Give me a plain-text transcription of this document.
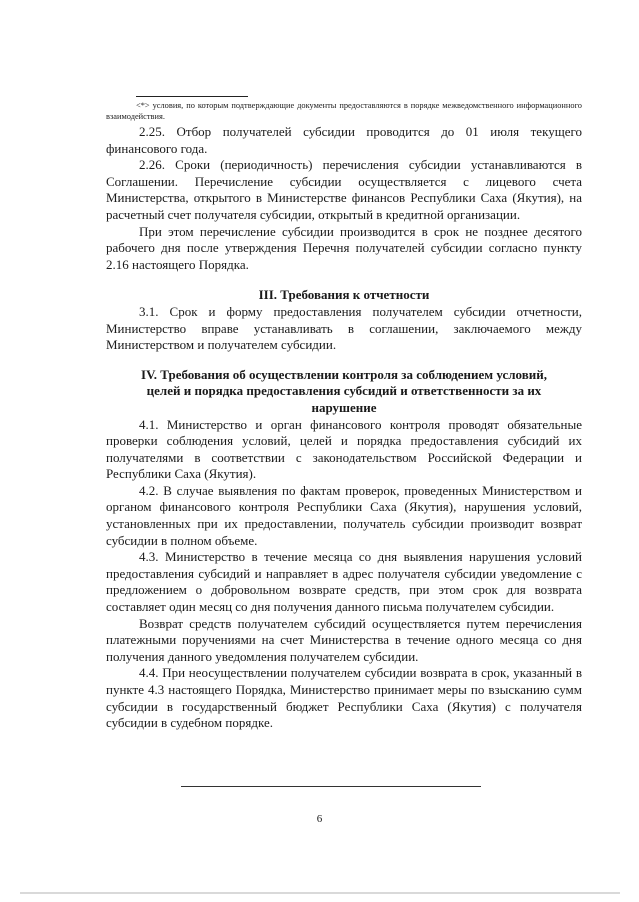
<*> условия, по которым подтверждающие документы предоставляются в порядке межведомственного информационного взаимодействия.

2.25. Отбор получателей субсидии проводится до 01 июля текущего финансового года.

2.26. Сроки (периодичность) перечисления субсидии устанавливаются в Соглашении. Перечисление субсидии осуществляется с лицевого счета Министерства, открытого в Министерстве финансов Республики Саха (Якутия), на расчетный счет получателя субсидии, открытый в кредитной организации.

При этом перечисление субсидии производится в срок не позднее десятого рабочего дня после утверждения Перечня получателей субсидии согласно пункту 2.16 настоящего Порядка.

III. Требования к отчетности

3.1. Срок и форму предоставления получателем субсидии отчетности, Министерство вправе устанавливать в соглашении, заключаемого между Министерством и получателем субсидии.

IV. Требования об осуществлении контроля за соблюдением условий,
целей и порядка предоставления субсидий и ответственности за их
нарушение

4.1. Министерство и орган финансового контроля проводят обязательные проверки соблюдения условий, целей и порядка предоставления субсидий их получателями в соответствии с законодательством Российской Федерации и Республики Саха (Якутия).

4.2. В случае выявления по фактам проверок, проведенных Министерством и органом финансового контроля Республики Саха (Якутия), нарушения условий, установленных при их предоставлении, получатель субсидии производит возврат субсидии в полном объеме.

4.3. Министерство в течение месяца со дня выявления нарушения условий предоставления субсидий и направляет в адрес получателя субсидии уведомление с предложением о добровольном возврате средств, при этом срок для возврата составляет один месяц со дня получения данного письма получателем субсидии.

Возврат средств получателем субсидий осуществляется путем перечисления платежными поручениями на счет Министерства в течение одного месяца со дня получения данного уведомления получателем субсидии.

4.4. При неосуществлении получателем субсидии возврата в срок, указанный в пункте 4.3 настоящего Порядка, Министерство принимает меры по взысканию сумм субсидии в государственный бюджет Республики Саха (Якутия) с получателя субсидии в судебном порядке.

6
